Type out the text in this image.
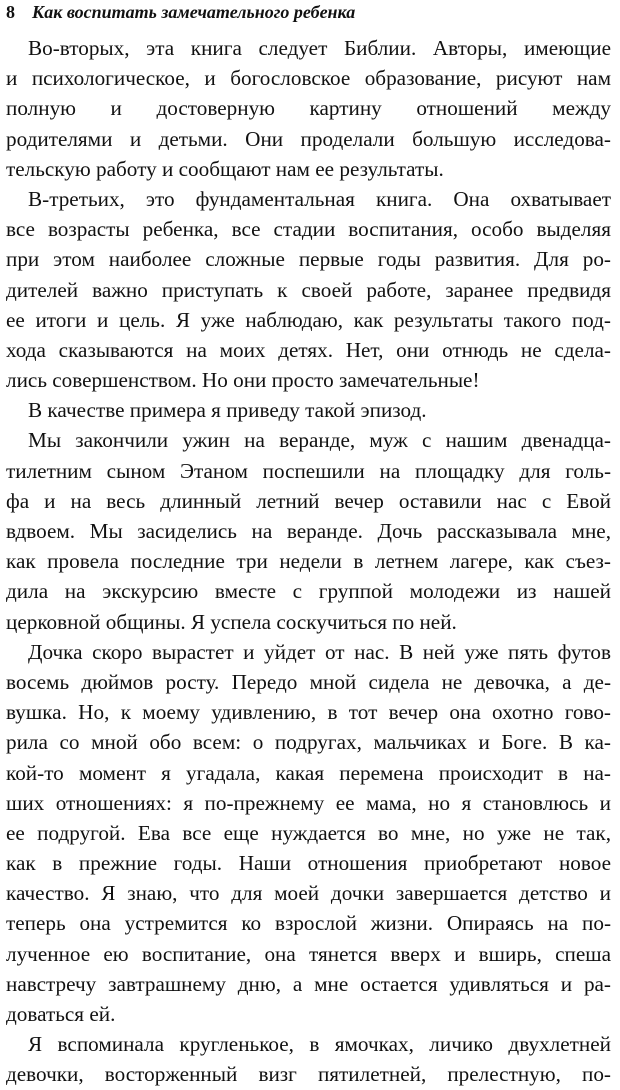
8 Как воспитать замечательного ребенка
Во-вторых, эта книга следует Библии. Авторы, имеющие
и психологическое, и богословское образование, рисуют нам
полную и достоверную картину отношений между
родителями и детьми. Они проделали большую исследова-
тельскую работу и сообщают нам ее результаты.
В-третьих, это фундаментальная книга. Она охватывает
все возрасты ребенка, все стадии воспитания, особо выделяя
при этом наиболее сложные первые годы развития. Для ро-
дителей важно приступать к своей работе, заранее предвидя
ее итоги и цель. Я уже наблюдаю, как результаты такого под-
хода сказываются на моих детях. Нет, они отнюдь не сдела-
лись совершенством. Но они просто замечательные!
В качестве примера я приведу такой эпизод.
Мы закончили ужин на веранде, муж с нашим двенадца-
тилетним сыном Этаном поспешили на площадку для голь-
фа и на весь длинный летний вечер оставили нас с Евой
вдвоем. Мы засиделись на веранде. Дочь рассказывала мне,
как провела последние три недели в летнем лагере, как съез-
дила на экскурсию вместе с группой молодежи из нашей
церковной общины. Я успела соскучиться по ней.
Дочка скоро вырастет и уйдет от нас. В ней уже пять футов
восемь дюймов росту. Передо мной сидела не девочка, а де-
вушка. Но, к моему удивлению, в тот вечер она охотно гово-
рила со мной обо всем: о подругах, мальчиках и Боге. В ка-
кой-то момент я угадала, какая перемена происходит в на-
ших отношениях: я по-прежнему ее мама, но я становлюсь и
ее подругой. Ева все еще нуждается во мне, но уже не так,
как в прежние годы. Наши отношения приобретают новое
качество. Я знаю, что для моей дочки завершается детство и
теперь она устремится ко взрослой жизни. Опираясь на по-
лученное ею воспитание, она тянется вверх и вширь, спеша
навстречу завтрашнему дню, а мне остается удивляться и ра-
доваться ей.
Я вспоминала кругленькое, в ямочках, личико двухлетней
девочки, восторженный визг пятилетней, прелестную, по-
